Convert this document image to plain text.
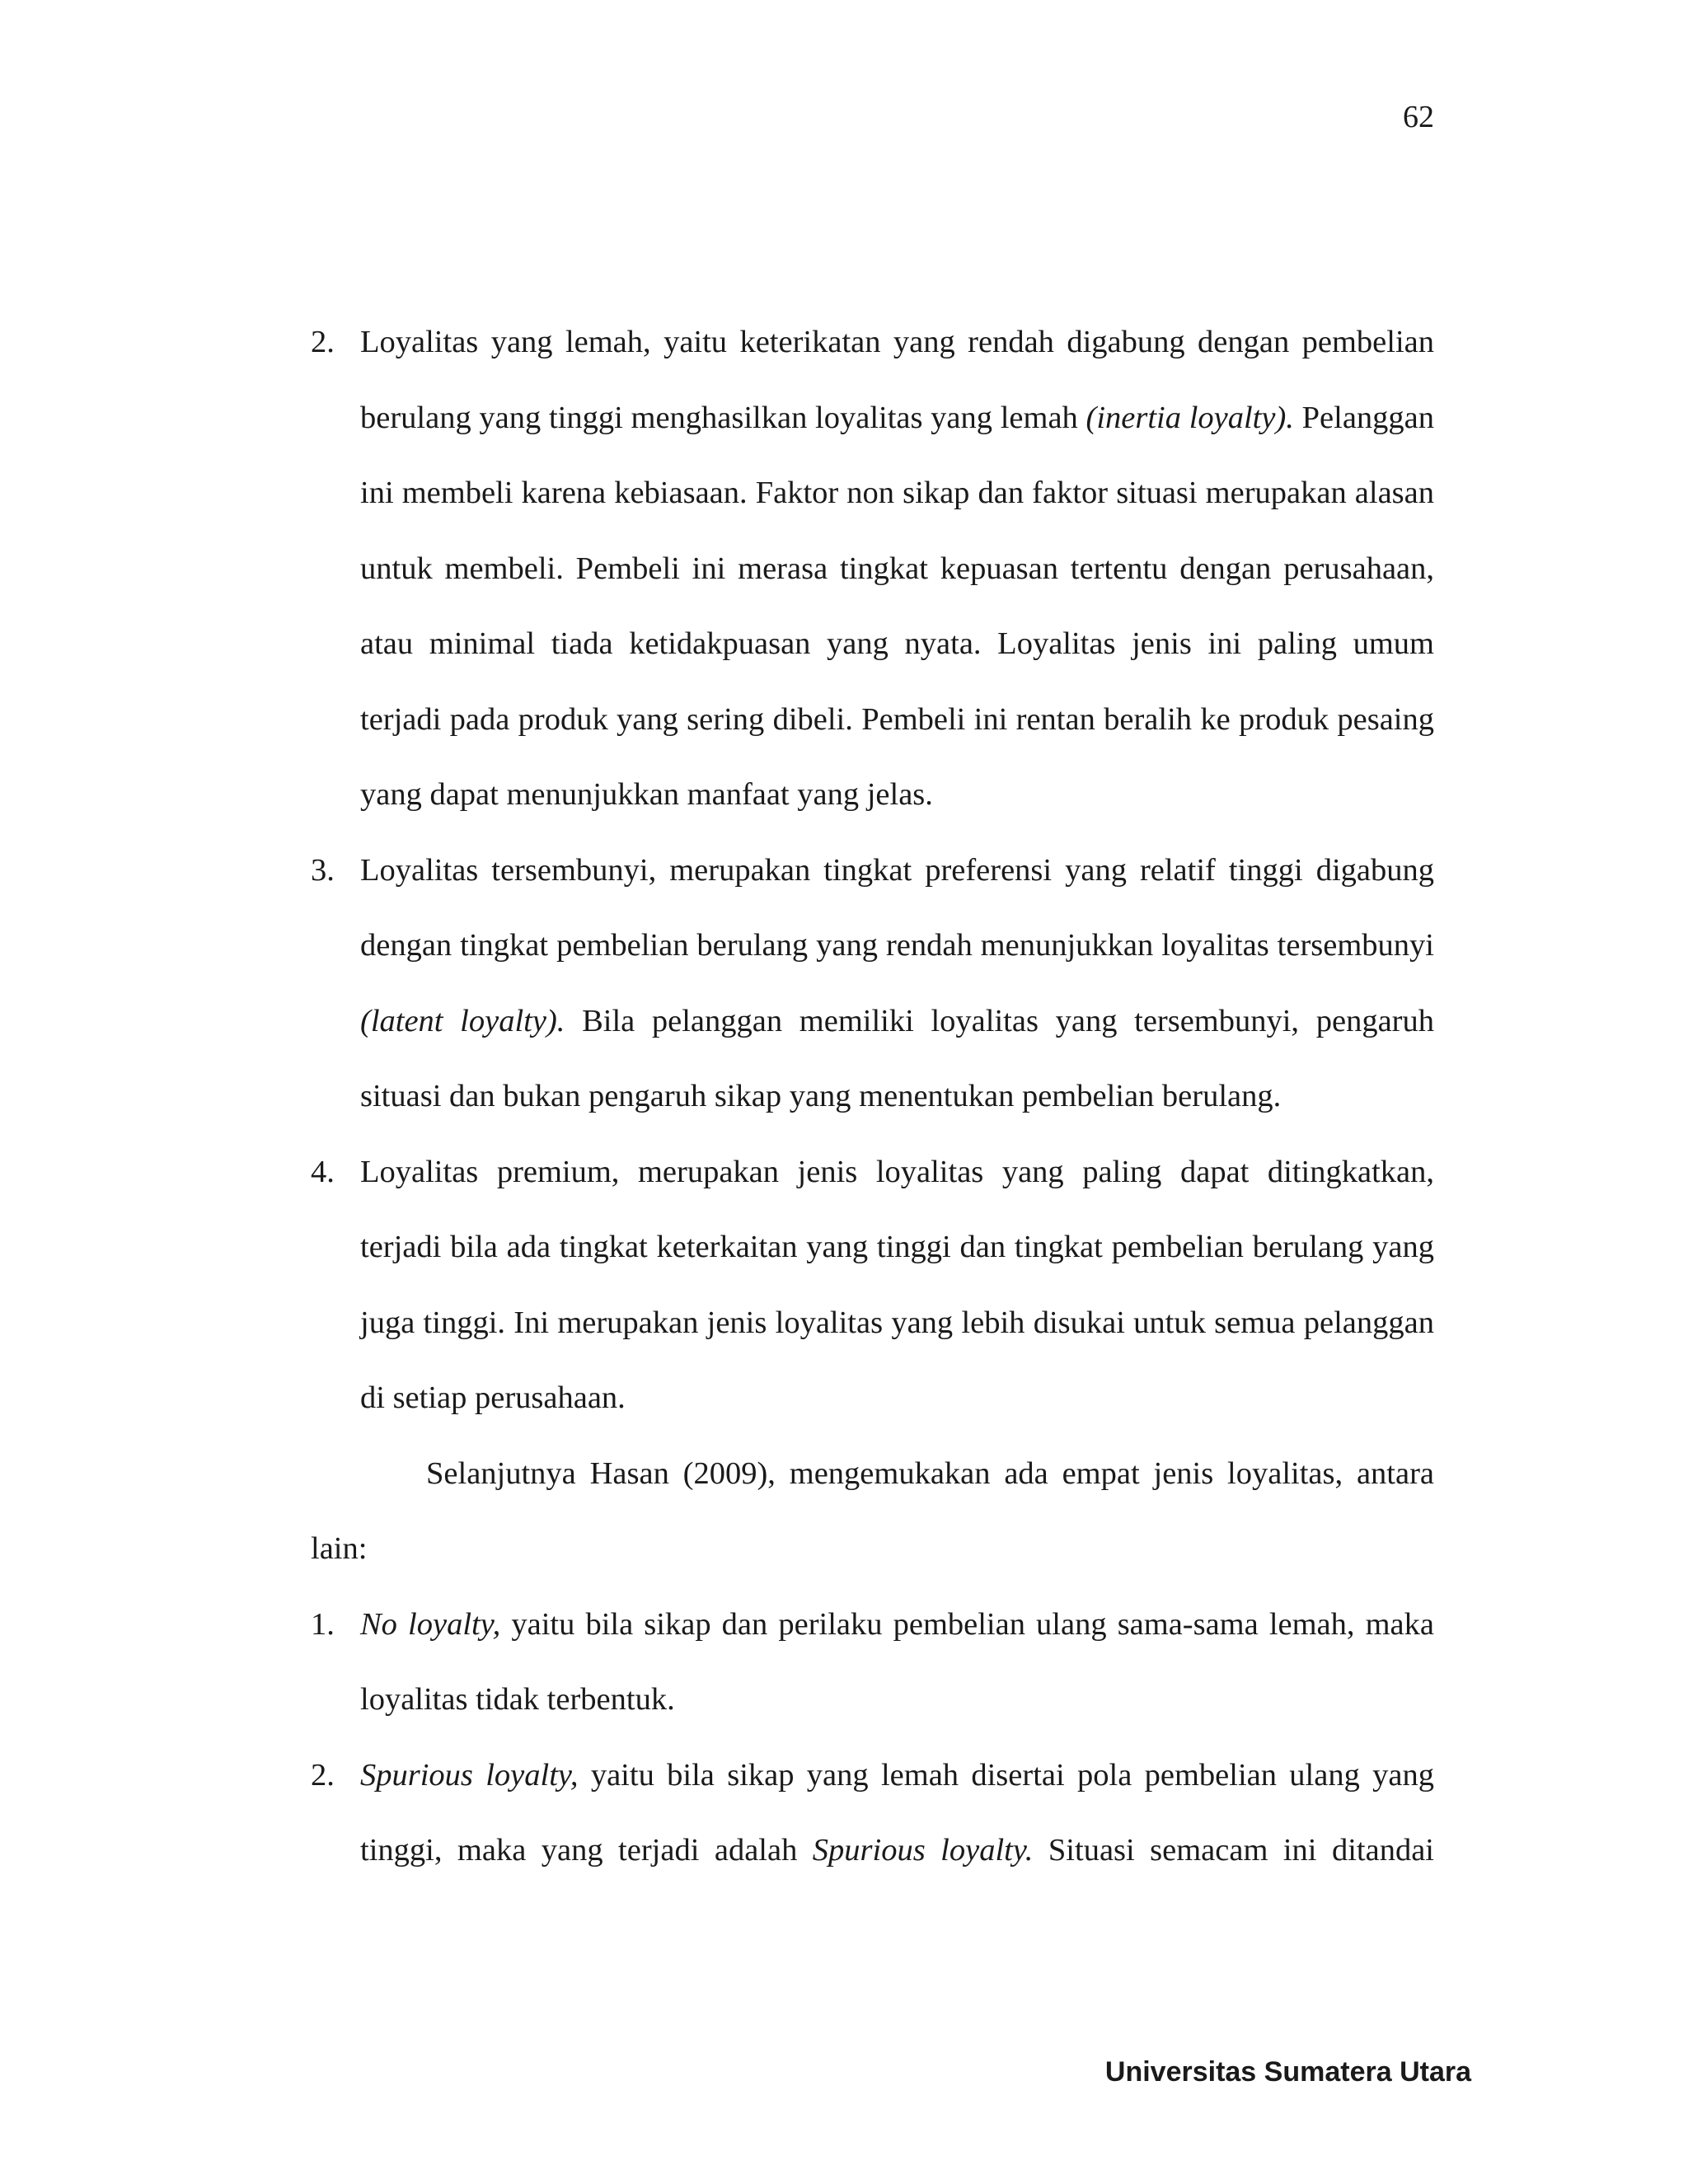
62
2. Loyalitas yang lemah, yaitu keterikatan yang rendah digabung dengan pembelian berulang yang tinggi menghasilkan loyalitas yang lemah (inertia loyalty). Pelanggan ini membeli karena kebiasaan. Faktor non sikap dan faktor situasi merupakan alasan untuk membeli. Pembeli ini merasa tingkat kepuasan tertentu dengan perusahaan, atau minimal tiada ketidakpuasan yang nyata. Loyalitas jenis ini paling umum terjadi pada produk yang sering dibeli. Pembeli ini rentan beralih ke produk pesaing yang dapat menunjukkan manfaat yang jelas.
3. Loyalitas tersembunyi, merupakan tingkat preferensi yang relatif tinggi digabung dengan tingkat pembelian berulang yang rendah menunjukkan loyalitas tersembunyi (latent loyalty). Bila pelanggan memiliki loyalitas yang tersembunyi, pengaruh situasi dan bukan pengaruh sikap yang menentukan pembelian berulang.
4. Loyalitas premium, merupakan jenis loyalitas yang paling dapat ditingkatkan, terjadi bila ada tingkat keterkaitan yang tinggi dan tingkat pembelian berulang yang juga tinggi. Ini merupakan jenis loyalitas yang lebih disukai untuk semua pelanggan di setiap perusahaan.
Selanjutnya Hasan (2009), mengemukakan ada empat jenis loyalitas, antara lain:
1. No loyalty, yaitu bila sikap dan perilaku pembelian ulang sama-sama lemah, maka loyalitas tidak terbentuk.
2. Spurious loyalty, yaitu bila sikap yang lemah disertai pola pembelian ulang yang tinggi, maka yang terjadi adalah Spurious loyalty. Situasi semacam ini ditandai
Universitas Sumatera Utara
